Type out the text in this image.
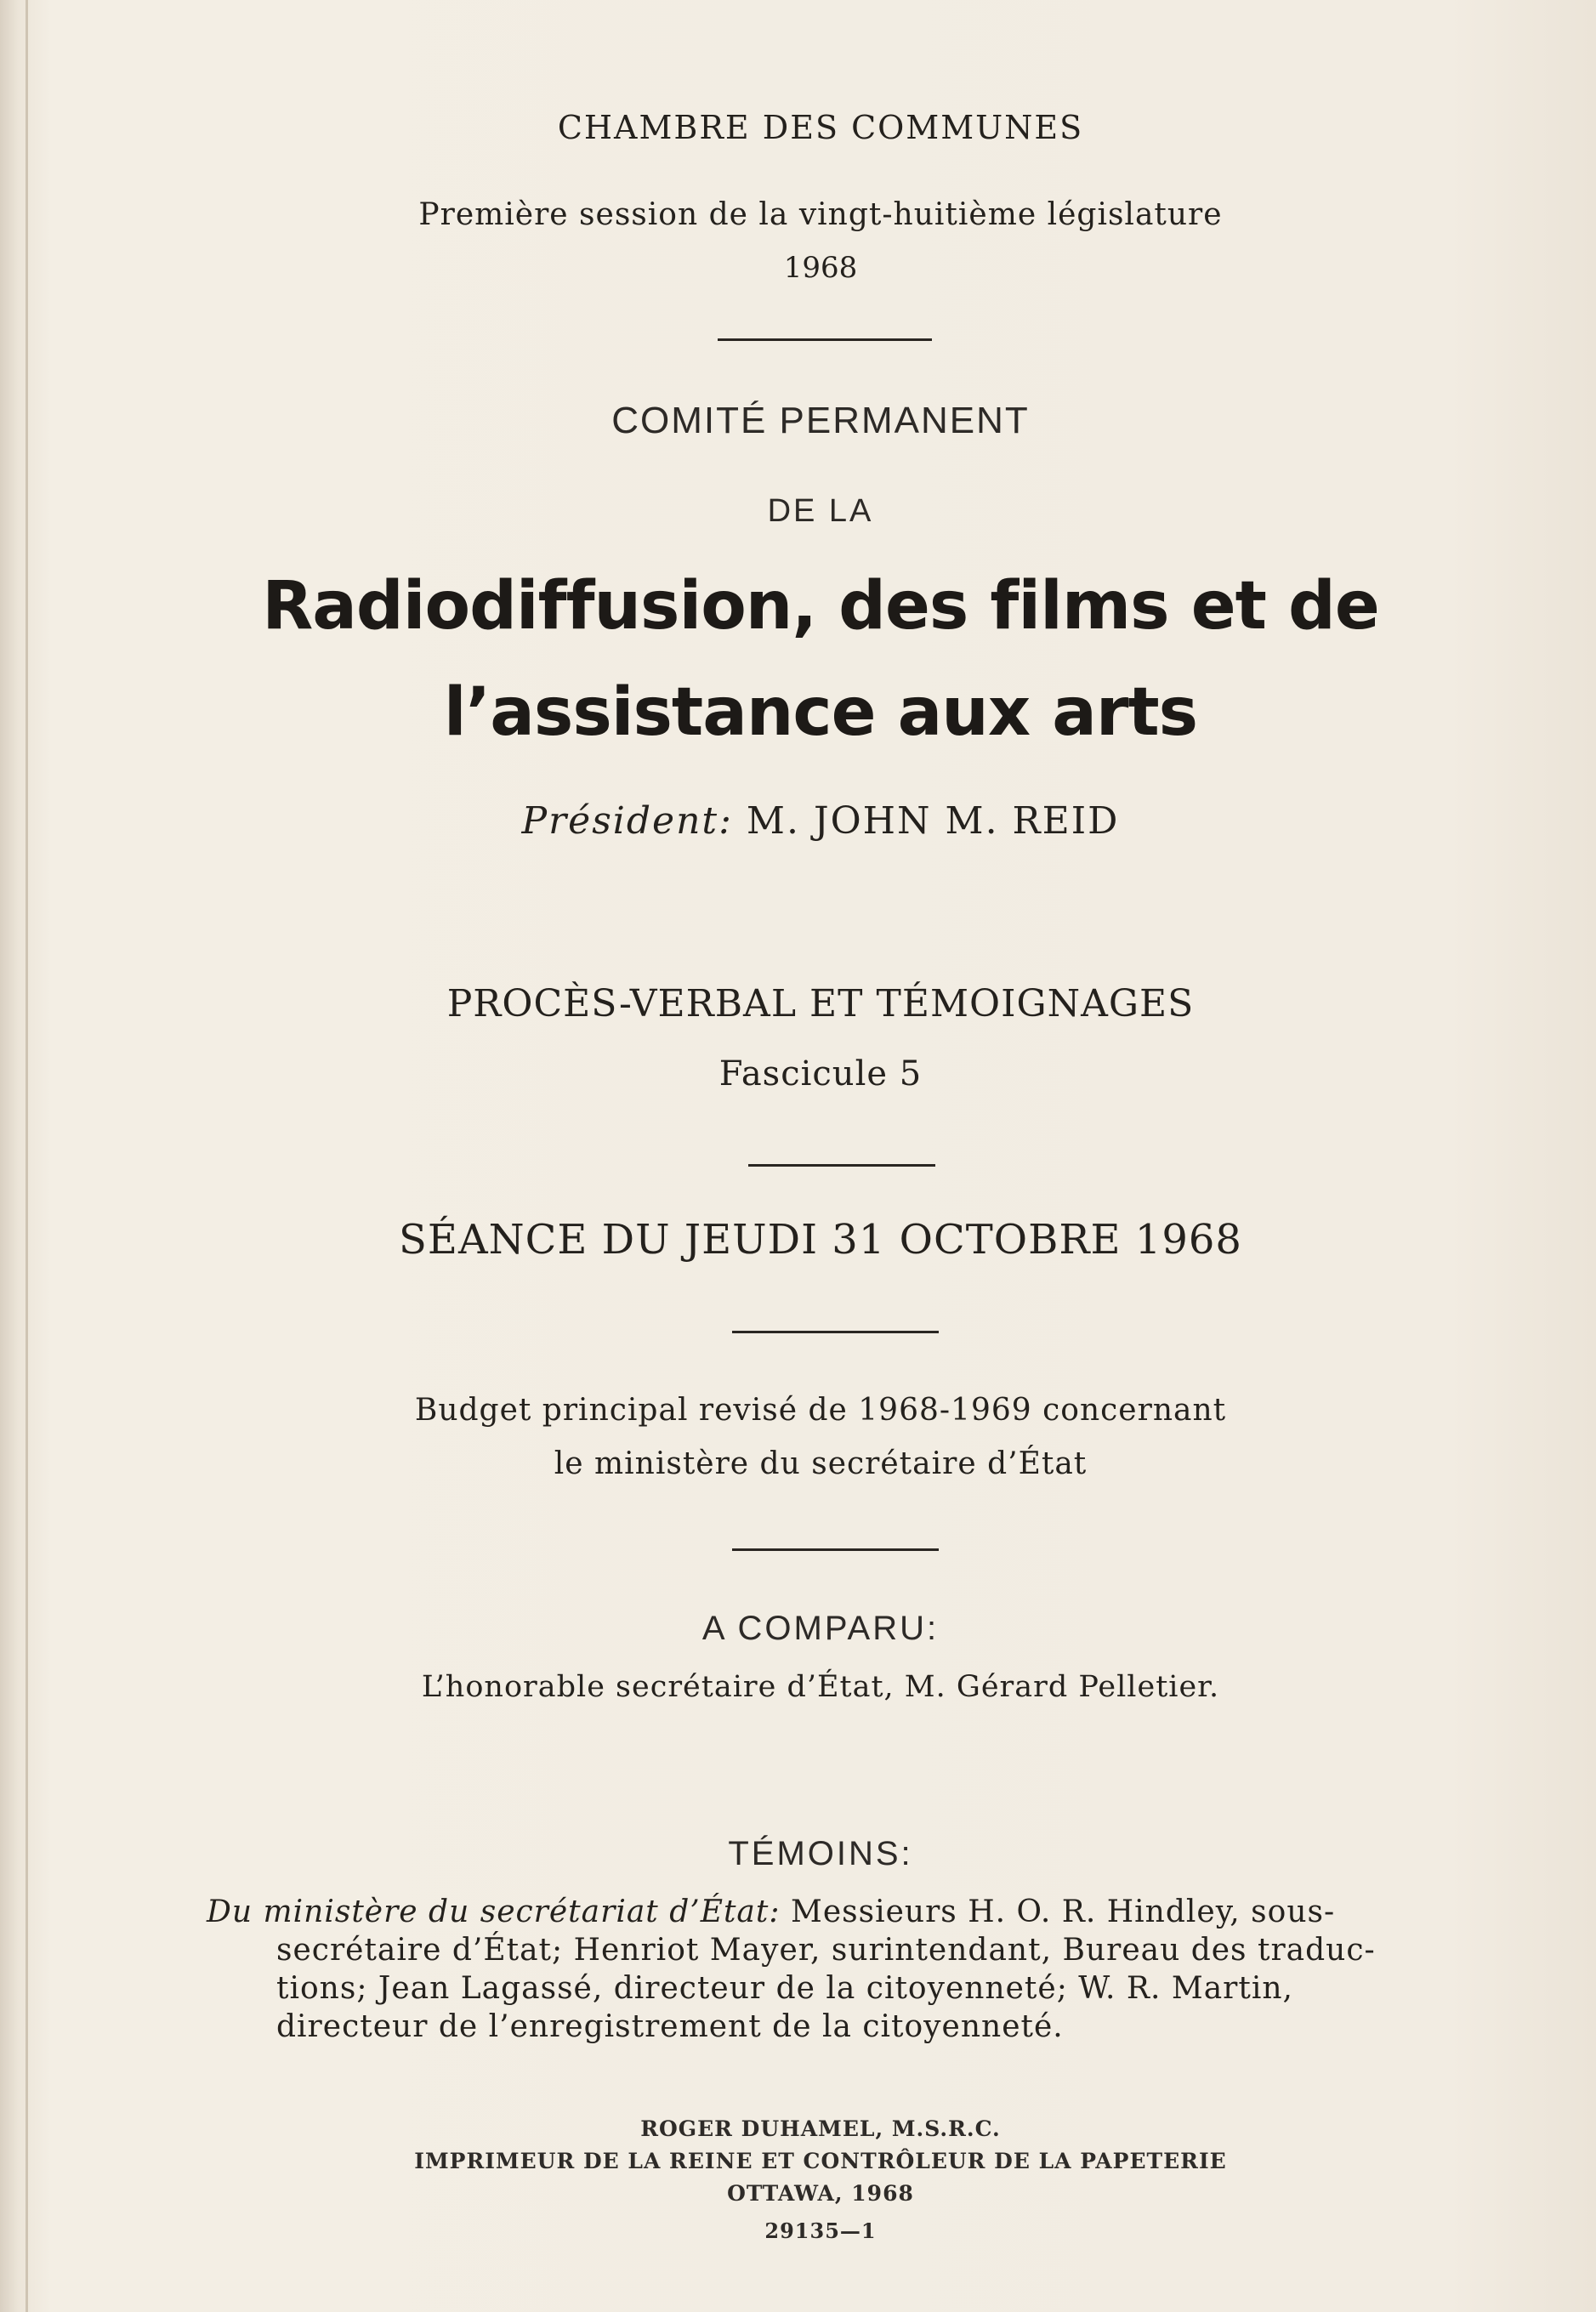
CHAMBRE DES COMMUNES
Première session de la vingt-huitième législature
1968
COMITÉ PERMANENT
DE LA
Radiodiffusion, des films et de
l’assistance aux arts
Président: M. JOHN M. REID
PROCÈS-VERBAL ET TÉMOIGNAGES
Fascicule 5
SÉANCE DU JEUDI 31 OCTOBRE 1968
Budget principal revisé de 1968-1969 concernant
le ministère du secrétaire d’État
A COMPARU:
L’honorable secrétaire d’État, M. Gérard Pelletier.
TÉMOINS:
Du ministère du secrétariat d’État: Messieurs H. O. R. Hindley, sous-
secrétaire d’État; Henriot Mayer, surintendant, Bureau des traduc-
tions; Jean Lagassé, directeur de la citoyenneté; W. R. Martin,
directeur de l’enregistrement de la citoyenneté.
ROGER DUHAMEL, M.S.R.C.
IMPRIMEUR DE LA REINE ET CONTRÔLEUR DE LA PAPETERIE
OTTAWA, 1968
29135—1
